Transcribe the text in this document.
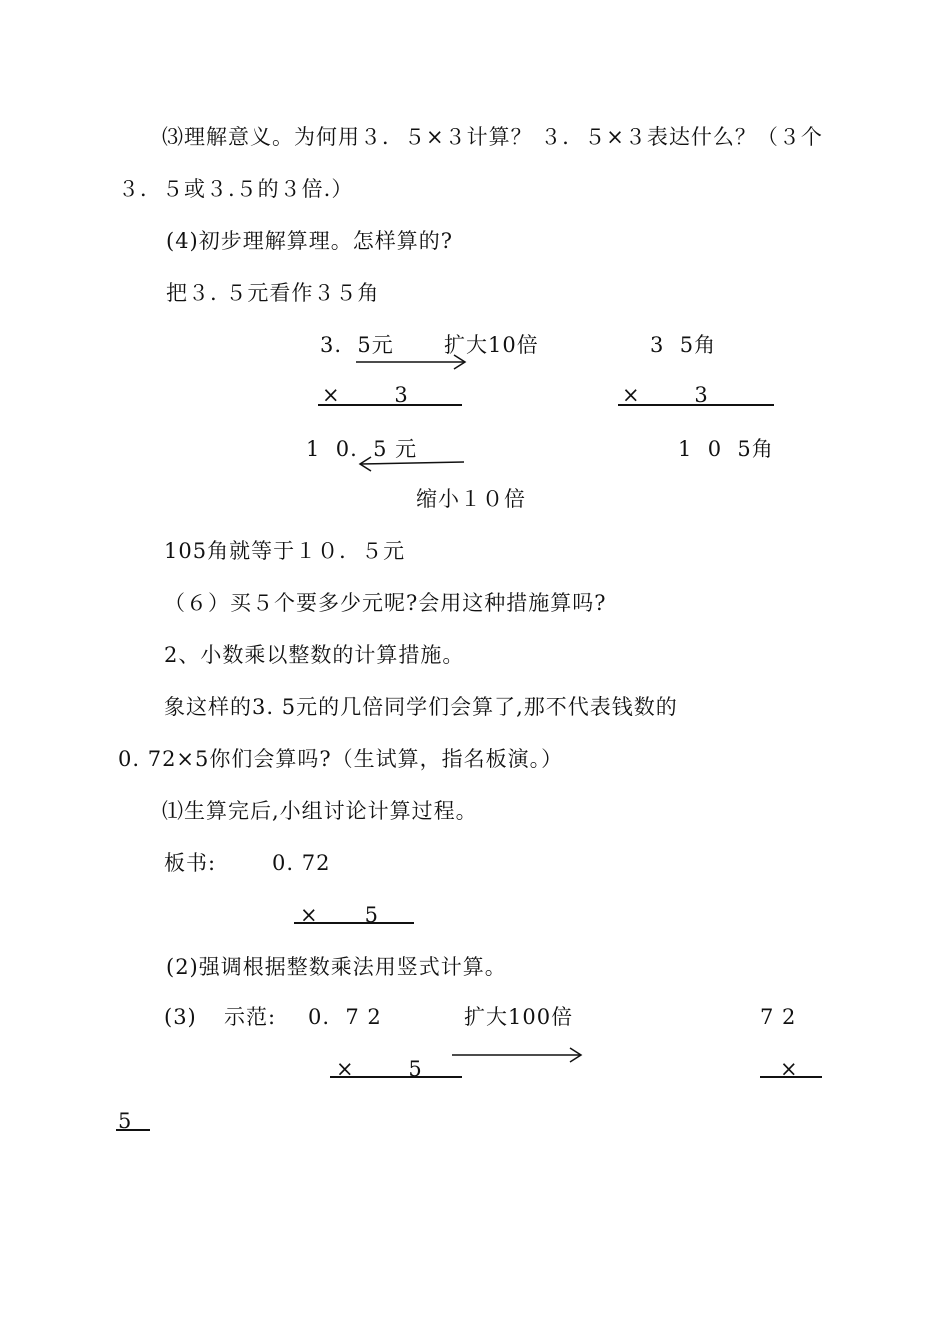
⑶理解意义。为何用３．５×３计算？ ３．５×３表达什么？（３个
３．５或３.５的３倍.）
(4)初步理解算理。怎样算的?
把３. ５元看作３５角
3.  5元 扩大10倍	3  5角
×       3	×       3
1  0.  5 元	1  0  5角
缩小１０倍
105角就等于１０．５元
（６）买５个要多少元呢?会用这种措施算吗?
2、小数乘以整数的计算措施。
象这样的3. 5元的几倍同学们会算了,那不代表钱数的
0. 72×5你们会算吗?（生试算，指名板演。）
⑴生算完后,小组讨论计算过程。
板书:	0. 72
×      5
(2)强调根据整数乘法用竖式计算。
(3) 示范: 0.  7 2	扩大100倍	7 2
×       5	×
5
